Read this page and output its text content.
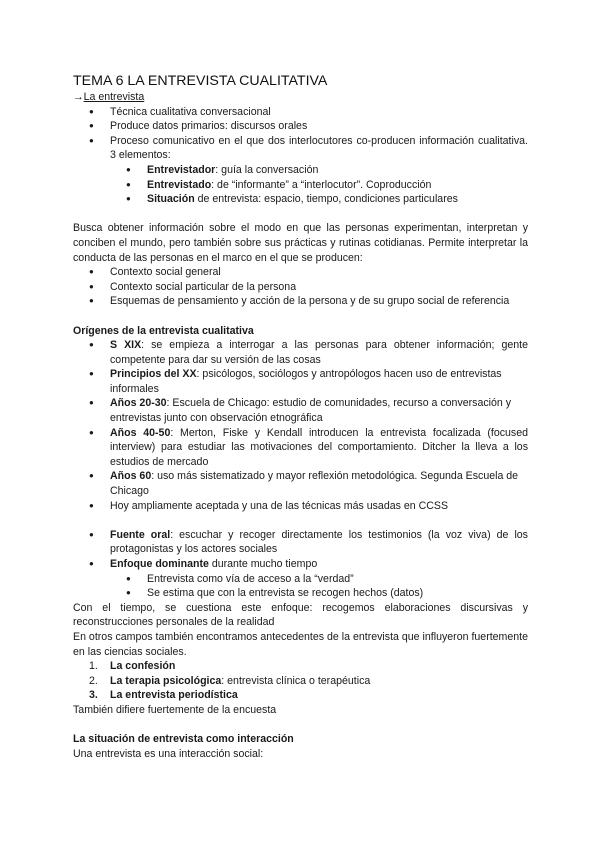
TEMA 6 LA ENTREVISTA CUALITATIVA
→La entrevista
● Técnica cualitativa conversacional
● Produce datos primarios: discursos orales
● Proceso comunicativo en el que dos interlocutores co-producen información cualitativa. 3 elementos:
● Entrevistador: guía la conversación
● Entrevistado: de “informante” a “interlocutor”. Coproducción
● Situación de entrevista: espacio, tiempo, condiciones particulares

Busca obtener información sobre el modo en que las personas experimentan, interpretan y conciben el mundo, pero también sobre sus prácticas y rutinas cotidianas. Permite interpretar la conducta de las personas en el marco en el que se producen:

● Contexto social general
● Contexto social particular de la persona
● Esquemas de pensamiento y acción de la persona y de su grupo social de referencia

Orígenes de la entrevista cualitativa

● S XIX: se empieza a interrogar a las personas para obtener información; gente competente para dar su versión de las cosas
● Principios del XX: psicólogos, sociólogos y antropólogos hacen uso de entrevistas informales
● Años 20-30: Escuela de Chicago: estudio de comunidades, recurso a conversación y entrevistas junto con observación etnográfica
● Años 40-50: Merton, Fiske y Kendall introducen la entrevista focalizada (focused interview) para estudiar las motivaciones del comportamiento. Ditcher la lleva a los estudios de mercado
● Años 60: uso más sistematizado y mayor reflexión metodológica. Segunda Escuela de Chicago
● Hoy ampliamente aceptada y una de las técnicas más usadas en CCSS
● Fuente oral: escuchar y recoger directamente los testimonios (la voz viva) de los protagonistas y los actores sociales
● Enfoque dominante durante mucho tiempo
● Entrevista como vía de acceso a la “verdad”
● Se estima que con la entrevista se recogen hechos (datos)

Con el tiempo, se cuestiona este enfoque: recogemos elaboraciones discursivas y reconstrucciones personales de la realidad

En otros campos también encontramos antecedentes de la entrevista que influyeron fuertemente en las ciencias sociales.

1. La confesión
2. La terapia psicológica: entrevista clínica o terapéutica
3. La entrevista periodística

También difiere fuertemente de la encuesta

La situación de entrevista como interacción

Una entrevista es una interacción social:
